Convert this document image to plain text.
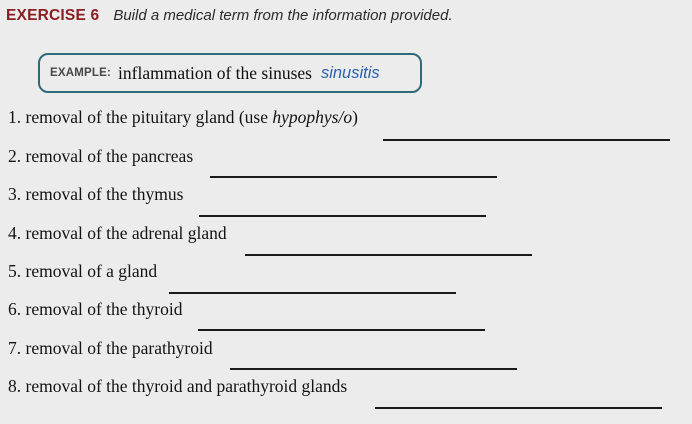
EXERCISE 6 Build a medical term from the information provided.
EXAMPLE: inflammation of the sinuses sinusitis
1. removal of the pituitary gland (use hypophys/o)
2. removal of the pancreas
3. removal of the thymus
4. removal of the adrenal gland
5. removal of a gland
6. removal of the thyroid
7. removal of the parathyroid
8. removal of the thyroid and parathyroid glands
